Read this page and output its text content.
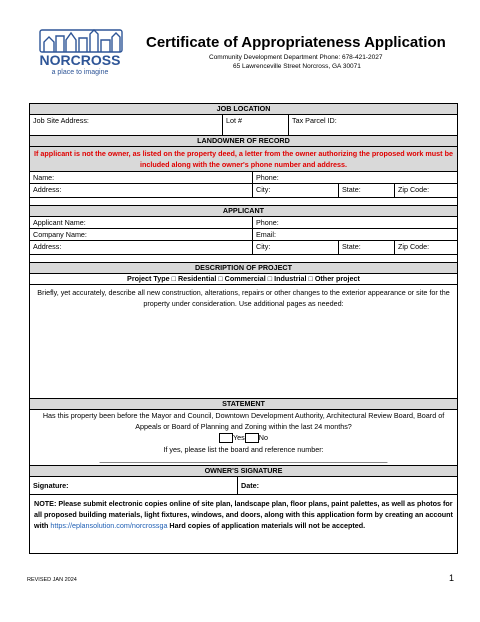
NORCROSS
a place to imagine
Certificate of Appropriateness Application
Community Development Department Phone: 678-421-2027
65 Lawrenceville Street Norcross, GA 30071
JOB LOCATION
Job Site Address:	Lot #	Tax Parcel ID:
LANDOWNER OF RECORD
If applicant is not the owner, as listed on the property deed, a letter from the owner authorizing the proposed work must be included along with the owner's phone number and address.
Name:	Phone:
Address:	City:	State:	Zip Code:
APPLICANT
Applicant Name:	Phone:
Company Name:	Email:
Address:	City:	State:	Zip Code:
DESCRIPTION OF PROJECT
Project Type □ Residential □ Commercial □ Industrial □ Other project
Briefly, yet accurately, describe all new construction, alterations, repairs or other changes to the exterior appearance or site for the property under consideration. Use additional pages as needed:
STATEMENT
Has this property been before the Mayor and Council, Downtown Development Authority, Architectural Review Board, Board of Appeals or Board of Planning and Zoning within the last 24 months?
Yes No
If yes, please list the board and reference number:
________________________________________________________________________
OWNER'S SIGNATURE
Signature:	Date:
NOTE: Please submit electronic copies online of site plan, landscape plan, floor plans, paint palettes, as well as photos for all proposed building materials, light fixtures, windows, and doors, along with this application form by creating an account with https://eplansolution.com/norcrossga Hard copies of application materials will not be accepted.
REVISED JAN 2024	1
